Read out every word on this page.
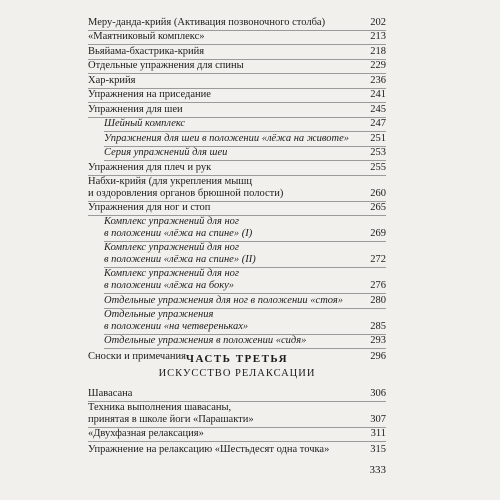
Меру-данда-крийя (Активация позвоночного столба)	202
«Маятниковый комплекс»	213
Вьяйама-бхастрика-крийя	218
Отдельные упражнения для спины	229
Хар-крийя	236
Упражнения на приседание	241
Упражнения для шеи	245
Шейный комплекс	247
Упражнения для шеи в положении «лёжа на животе»	251
Серия упражнений для шеи	253
Упражнения для плеч и рук	255
Набхи-крийя (для укрепления мышц
и оздоровления органов брюшной полости)	260
Упражнения для ног и стоп	265
Комплекс упражнений для ног
в положении «лёжа на спине» (I)	269
Комплекс упражнений для ног
в положении «лёжа на спине» (II)	272
Комплекс упражнений для ног
в положении «лёжа на боку»	276
Отдельные упражнения для ног в положении «стоя»	280
Отдельные упражнения
в положении «на четвереньках»	285
Отдельные упражнения в положении «сидя»	293
Сноски и примечания	296
ЧАСТЬ ТРЕТЬЯ
ИСКУССТВО РЕЛАКСАЦИИ
Шавасана	306
Техника выполнения шавасаны,
принятая в школе йоги «Парашакти»	307
«Двухфазная релаксация»	311
Упражнение на релаксацию «Шестьдесят одна точка»	315
333
